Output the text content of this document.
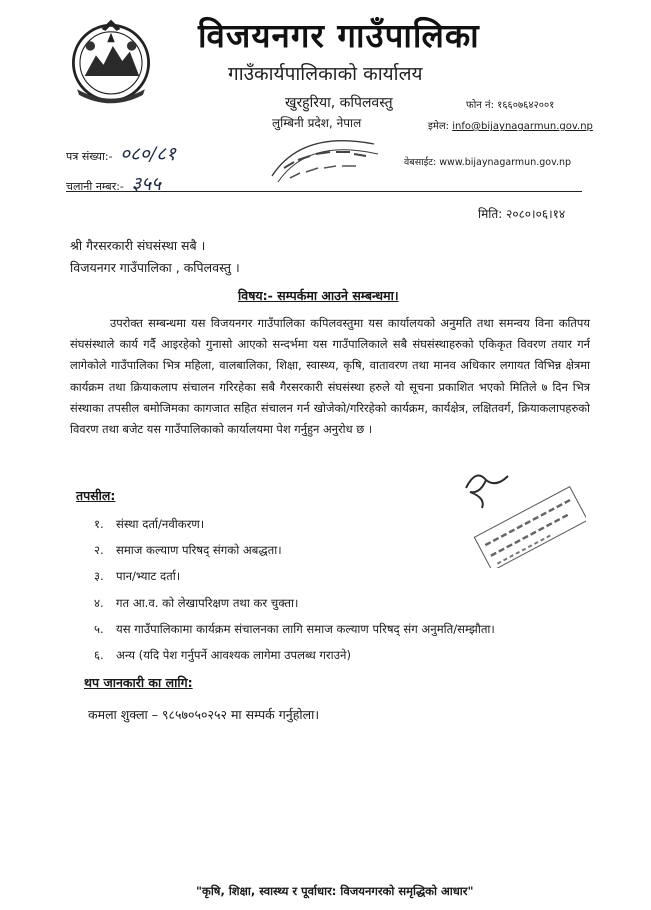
विजयनगर गाउँपालिका
गाउँकार्यपालिकाको कार्यालय
खुरहुरिया, कपिलवस्तु
लुम्बिनी प्रदेश, नेपाल
फोन नं: १६६०७६४२००१
इमेल: info@bijaynagarmun.gov.np
वेबसाईट: www.bijaynagarmun.gov.np
पत्र संख्या:- ०८०/८१
चलानी नम्बर:- ३५५
मिति: २०८०।०६।१४
श्री गैरसरकारी संघसंस्था सबै ।
विजयनगर गाउँपालिका , कपिलवस्तु ।
विषय:- सम्पर्कमा आउने सम्बन्धमा।

उपरोक्त सम्बन्धमा यस विजयनगर गाउँपालिका कपिलवस्तुमा यस कार्यालयको अनुमति तथा समन्वय विना कतिपय संघसंस्थाले कार्य गर्दै आइरहेको गुनासो आएको सन्दर्भमा यस गाउँपालिकाले सबै संघसंस्थाहरुको एकिकृत विवरण तयार गर्न लागेकोले गाउँपालिका भित्र महिला, वालबालिका, शिक्षा, स्वास्थ्य, कृषि, वातावरण तथा मानव अधिकार लगायत विभिन्न क्षेत्रमा कार्यक्रम तथा क्रियाकलाप संचालन गरिरहेका सबै गैरसरकारी संघसंस्था हरुले यो सूचना प्रकाशित भएको मितिले ७ दिन भित्र संस्थाका तपसील बमोजिमका कागजात सहित संचालन गर्न खोजेको/गरिरहेको कार्यक्रम, कार्यक्षेत्र, लक्षितवर्ग, क्रियाकलापहरुको विवरण तथा बजेट यस गाउँपालिकाको कार्यालयमा पेश गर्नुहुन अनुरोध छ ।

तपसील:
१. संस्था दर्ता/नवीकरण।
२. समाज कल्याण परिषद् संगको अबद्धता।
३. पान/भ्याट दर्ता।
४. गत आ.व. को लेखापरिक्षण तथा कर चुक्ता।
५. यस गाउँपालिकामा कार्यक्रम संचालनका लागि समाज कल्याण परिषद् संग अनुमति/सम्झौता।
६. अन्य (यदि पेश गर्नुपर्ने आवश्यक लागेमा उपलब्ध गराउने)
थप जानकारी का लागि:
कमला शुक्ला – ९८५७०५०२५२ मा सम्पर्क गर्नुहोला।
"कृषि, शिक्षा, स्वास्थ्य र पूर्वाधार: विजयनगरको समृद्धिको आधार"
